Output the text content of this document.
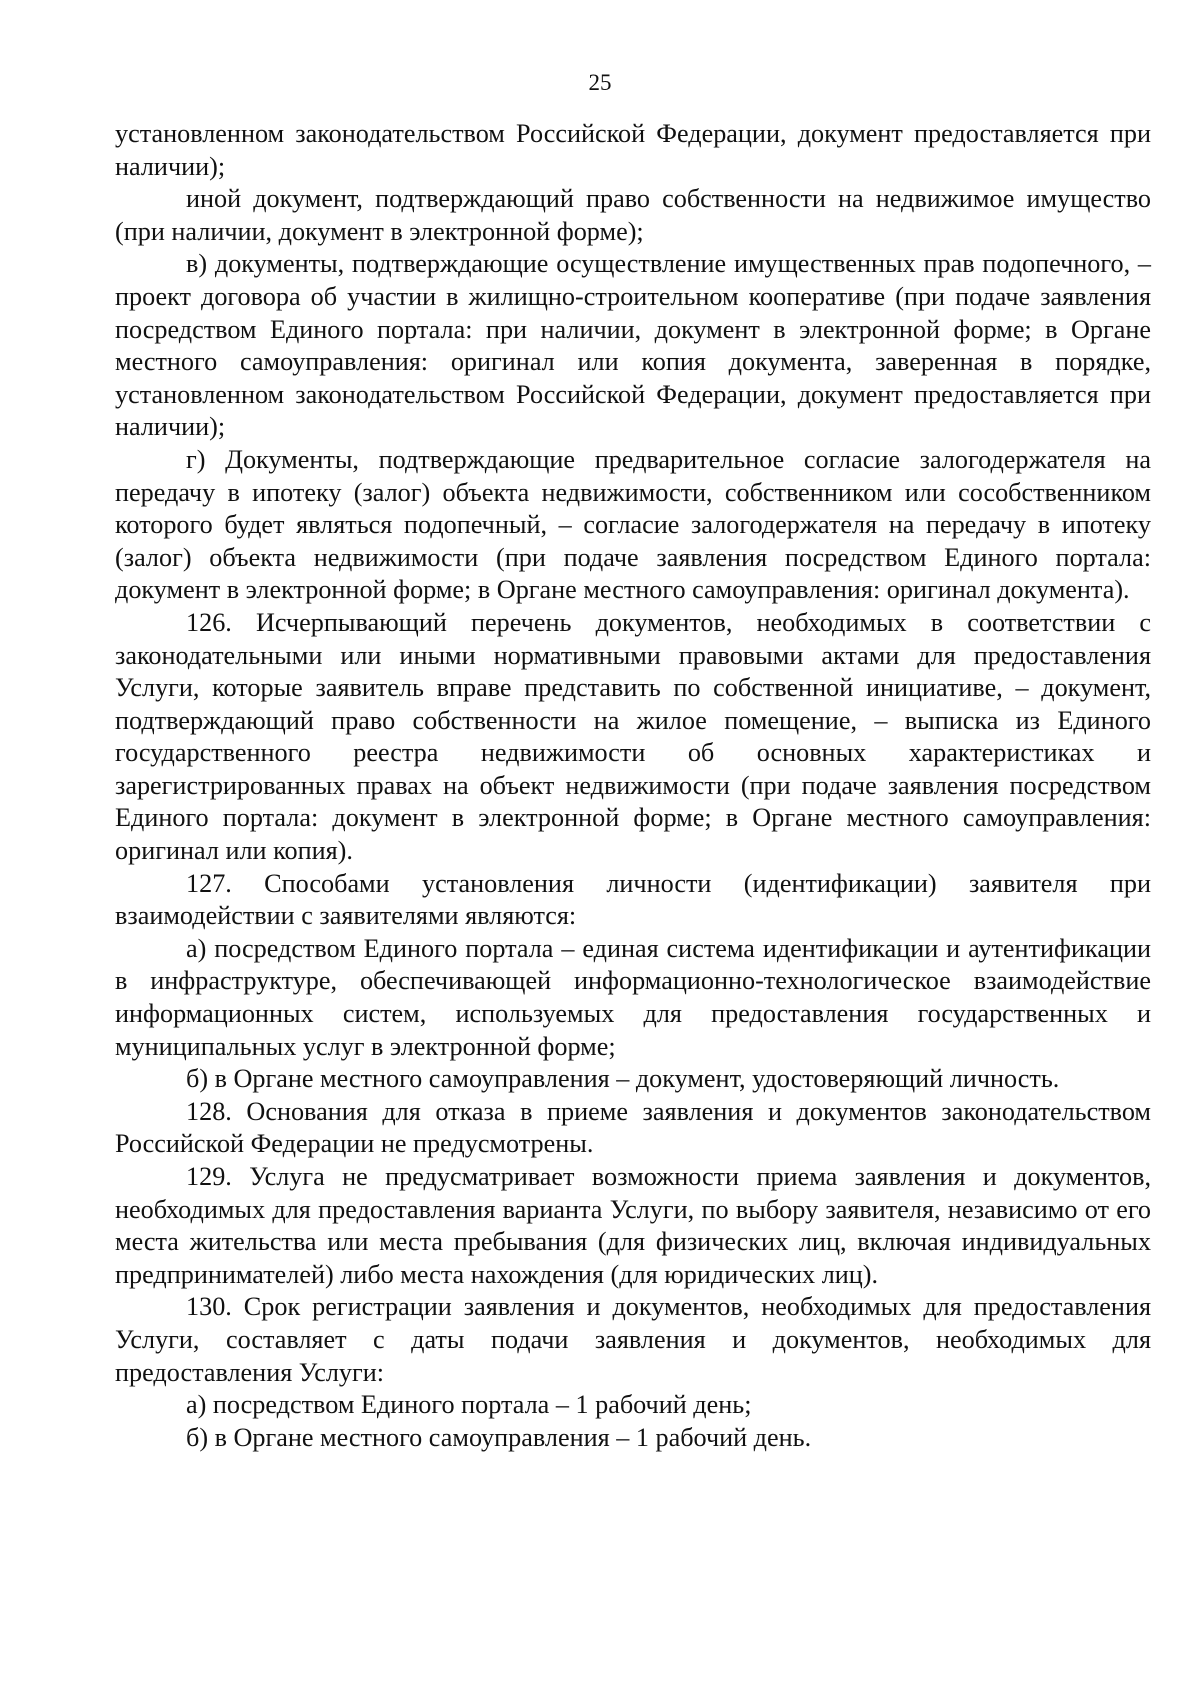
25

установленном законодательством Российской Федерации, документ предоставляется при наличии);

иной документ, подтверждающий право собственности на недвижимое имущество (при наличии, документ в электронной форме);

в) документы, подтверждающие осуществление имущественных прав подопечного, – проект договора об участии в жилищно-строительном кооперативе (при подаче заявления посредством Единого портала: при наличии, документ в электронной форме; в Органе местного самоуправления: оригинал или копия документа, заверенная в порядке, установленном законодательством Российской Федерации, документ предоставляется при наличии);

г) Документы, подтверждающие предварительное согласие залогодержателя на передачу в ипотеку (залог) объекта недвижимости, собственником или сособственником которого будет являться подопечный, – согласие залогодержателя на передачу в ипотеку (залог) объекта недвижимости (при подаче заявления посредством Единого портала: документ в электронной форме; в Органе местного самоуправления: оригинал документа).

126. Исчерпывающий перечень документов, необходимых в соответствии с законодательными или иными нормативными правовыми актами для предоставления Услуги, которые заявитель вправе представить по собственной инициативе, – документ, подтверждающий право собственности на жилое помещение, – выписка из Единого государственного реестра недвижимости об основных характеристиках и зарегистрированных правах на объект недвижимости (при подаче заявления посредством Единого портала: документ в электронной форме; в Органе местного самоуправления: оригинал или копия).

127. Способами установления личности (идентификации) заявителя при взаимодействии с заявителями являются:

а) посредством Единого портала – единая система идентификации и аутентификации в инфраструктуре, обеспечивающей информационно-технологическое взаимодействие информационных систем, используемых для предоставления государственных и муниципальных услуг в электронной форме;

б) в Органе местного самоуправления – документ, удостоверяющий личность.

128. Основания для отказа в приеме заявления и документов законодательством Российской Федерации не предусмотрены.

129. Услуга не предусматривает возможности приема заявления и документов, необходимых для предоставления варианта Услуги, по выбору заявителя, независимо от его места жительства или места пребывания (для физических лиц, включая индивидуальных предпринимателей) либо места нахождения (для юридических лиц).

130. Срок регистрации заявления и документов, необходимых для предоставления Услуги, составляет с даты подачи заявления и документов, необходимых для предоставления Услуги:

а) посредством Единого портала – 1 рабочий день;

б) в Органе местного самоуправления – 1 рабочий день.
